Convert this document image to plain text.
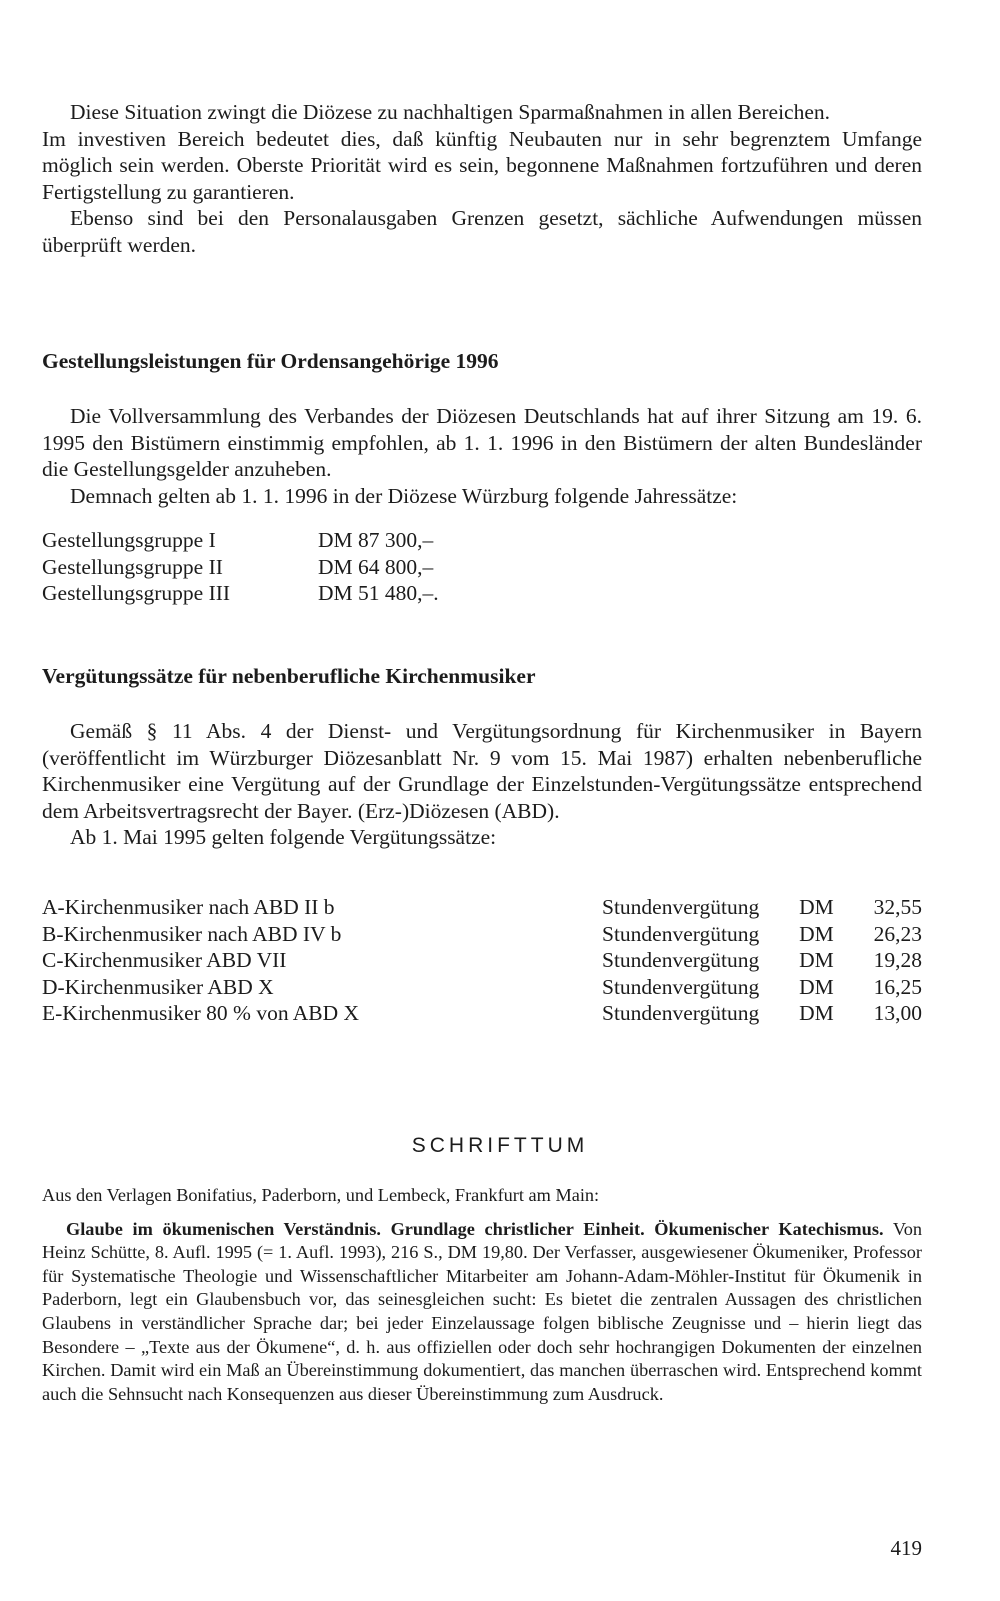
Diese Situation zwingt die Diözese zu nachhaltigen Sparmaßnahmen in allen Bereichen.

Im investiven Bereich bedeutet dies, daß künftig Neubauten nur in sehr begrenztem Umfange möglich sein werden. Oberste Priorität wird es sein, begonnene Maßnahmen fortzuführen und deren Fertigstellung zu garantieren.

Ebenso sind bei den Personalausgaben Grenzen gesetzt, sächliche Aufwendungen müssen überprüft werden.

Gestellungsleistungen für Ordensangehörige 1996

Die Vollversammlung des Verbandes der Diözesen Deutschlands hat auf ihrer Sitzung am 19. 6. 1995 den Bistümern einstimmig empfohlen, ab 1. 1. 1996 in den Bistümern der alten Bundesländer die Gestellungsgelder anzuheben.

Demnach gelten ab 1. 1. 1996 in der Diözese Würzburg folgende Jahressätze:

Gestellungsgruppe I	DM 87 300,–
Gestellungsgruppe II	DM 64 800,–
Gestellungsgruppe III	DM 51 480,–.
Vergütungssätze für nebenberufliche Kirchenmusiker

Gemäß § 11 Abs. 4 der Dienst- und Vergütungsordnung für Kirchenmusiker in Bayern (veröffentlicht im Würzburger Diözesanblatt Nr. 9 vom 15. Mai 1987) erhalten nebenberufliche Kirchenmusiker eine Vergütung auf der Grundlage der Einzelstunden-Vergütungssätze entsprechend dem Arbeitsvertragsrecht der Bayer. (Erz-)Diözesen (ABD).

Ab 1. Mai 1995 gelten folgende Vergütungssätze:

A-Kirchenmusiker nach ABD II b	Stundenvergütung DM 32,55
B-Kirchenmusiker nach ABD IV b	Stundenvergütung DM 26,23
C-Kirchenmusiker ABD VII	Stundenvergütung DM 19,28
D-Kirchenmusiker ABD X	Stundenvergütung DM 16,25
E-Kirchenmusiker 80 % von ABD X	Stundenvergütung DM 13,00
SCHRIFTTUM

Aus den Verlagen Bonifatius, Paderborn, und Lembeck, Frankfurt am Main:

Glaube im ökumenischen Verständnis. Grundlage christlicher Einheit. Ökumenischer Katechismus. Von Heinz Schütte, 8. Aufl. 1995 (= 1. Aufl. 1993), 216 S., DM 19,80. Der Verfasser, ausgewiesener Ökumeniker, Professor für Systematische Theologie und Wissenschaftlicher Mitarbeiter am Johann-Adam-Möhler-Institut für Ökumenik in Paderborn, legt ein Glaubensbuch vor, das seinesgleichen sucht: Es bietet die zentralen Aussagen des christlichen Glaubens in verständlicher Sprache dar; bei jeder Einzelaussage folgen biblische Zeugnisse und – hierin liegt das Besondere – „Texte aus der Ökumene“, d. h. aus offiziellen oder doch sehr hochrangigen Dokumenten der einzelnen Kirchen. Damit wird ein Maß an Übereinstimmung dokumentiert, das manchen überraschen wird. Entsprechend kommt auch die Sehnsucht nach Konsequenzen aus dieser Übereinstimmung zum Ausdruck.

419
